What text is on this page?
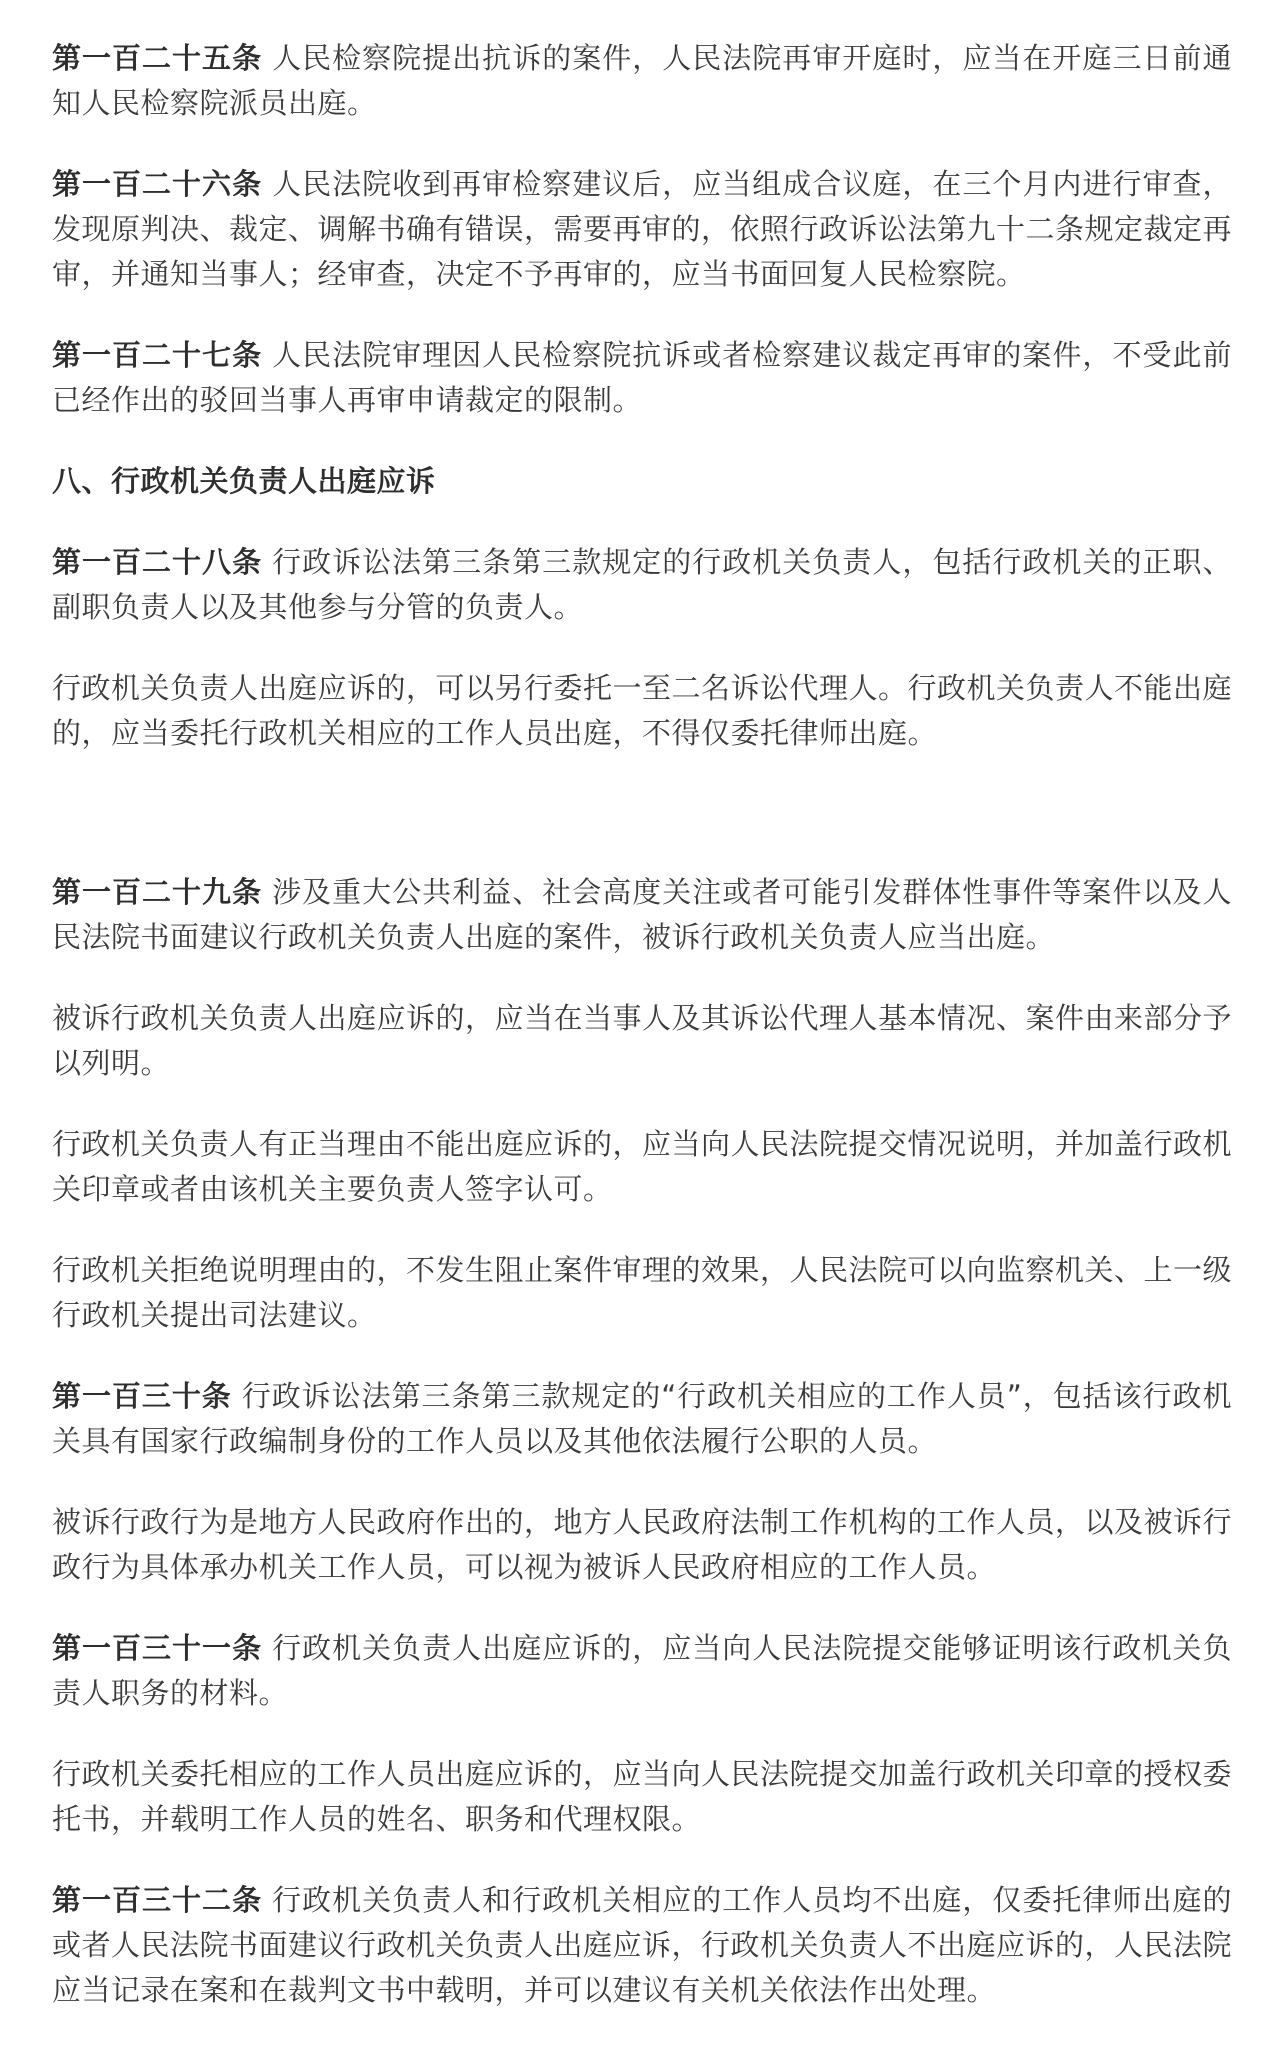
第一百二十五条 人民检察院提出抗诉的案件，人民法院再审开庭时，应当在开庭三日前通知人民检察院派员出庭。

第一百二十六条 人民法院收到再审检察建议后，应当组成合议庭，在三个月内进行审查，发现原判决、裁定、调解书确有错误，需要再审的，依照行政诉讼法第九十二条规定裁定再审，并通知当事人；经审查，决定不予再审的，应当书面回复人民检察院。

第一百二十七条 人民法院审理因人民检察院抗诉或者检察建议裁定再审的案件，不受此前已经作出的驳回当事人再审申请裁定的限制。

八、行政机关负责人出庭应诉

第一百二十八条 行政诉讼法第三条第三款规定的行政机关负责人，包括行政机关的正职、副职负责人以及其他参与分管的负责人。

行政机关负责人出庭应诉的，可以另行委托一至二名诉讼代理人。行政机关负责人不能出庭的，应当委托行政机关相应的工作人员出庭，不得仅委托律师出庭。

第一百二十九条 涉及重大公共利益、社会高度关注或者可能引发群体性事件等案件以及人民法院书面建议行政机关负责人出庭的案件，被诉行政机关负责人应当出庭。

被诉行政机关负责人出庭应诉的，应当在当事人及其诉讼代理人基本情况、案件由来部分予以列明。

行政机关负责人有正当理由不能出庭应诉的，应当向人民法院提交情况说明，并加盖行政机关印章或者由该机关主要负责人签字认可。

行政机关拒绝说明理由的，不发生阻止案件审理的效果，人民法院可以向监察机关、上一级行政机关提出司法建议。

第一百三十条 行政诉讼法第三条第三款规定的“行政机关相应的工作人员”，包括该行政机关具有国家行政编制身份的工作人员以及其他依法履行公职的人员。

被诉行政行为是地方人民政府作出的，地方人民政府法制工作机构的工作人员，以及被诉行政行为具体承办机关工作人员，可以视为被诉人民政府相应的工作人员。

第一百三十一条 行政机关负责人出庭应诉的，应当向人民法院提交能够证明该行政机关负责人职务的材料。

行政机关委托相应的工作人员出庭应诉的，应当向人民法院提交加盖行政机关印章的授权委托书，并载明工作人员的姓名、职务和代理权限。

第一百三十二条 行政机关负责人和行政机关相应的工作人员均不出庭，仅委托律师出庭的或者人民法院书面建议行政机关负责人出庭应诉，行政机关负责人不出庭应诉的，人民法院应当记录在案和在裁判文书中载明，并可以建议有关机关依法作出处理。
